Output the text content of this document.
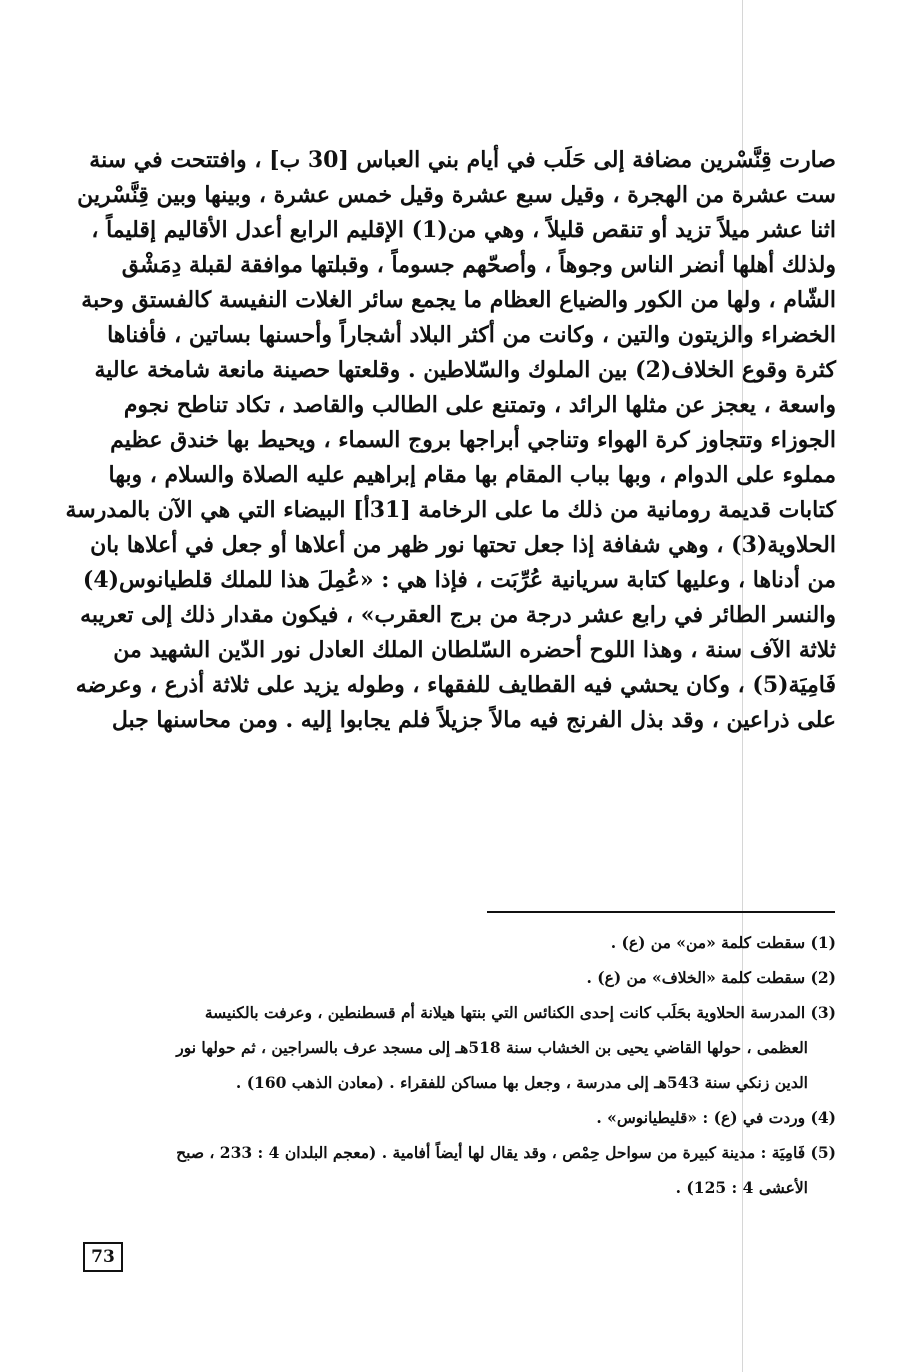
صارت قِنَّسْرين مضافة إلى حَلَب في أيام بني العباس [30 ب] ، وافتتحت في سنة
ست عشرة من الهجرة ، وقيل سبع عشرة وقيل خمس عشرة ، وبينها وبين قِنَّسْرين
اثنا عشر ميلاً تزيد أو تنقص قليلاً ، وهي من(1) الإقليم الرابع أعدل الأقاليم إقليماً ،
ولذلك أهلها أنضر الناس وجوهاً ، وأصحّهم جسوماً ، وقبلتها موافقة لقبلة دِمَشْق
الشّام ، ولها من الكور والضياع العظام ما يجمع سائر الغلات النفيسة كالفستق وحبة
الخضراء والزيتون والتين ، وكانت من أكثر البلاد أشجاراً وأحسنها بساتين ، فأفناها
كثرة وقوع الخلاف(2) بين الملوك والسّلاطين . وقلعتها حصينة مانعة شامخة عالية
واسعة ، يعجز عن مثلها الرائد ، وتمتنع على الطالب والقاصد ، تكاد تناطح نجوم
الجوزاء وتتجاوز كرة الهواء وتناجي أبراجها بروج السماء ، ويحيط بها خندق عظيم
مملوء على الدوام ، وبها بباب المقام بها مقام إبراهيم عليه الصلاة والسلام ، وبها
كتابات قديمة رومانية من ذلك ما على الرخامة [31أ] البيضاء التي هي الآن بالمدرسة
الحلاوية(3) ، وهي شفافة إذا جعل تحتها نور ظهر من أعلاها أو جعل في أعلاها بان
من أدناها ، وعليها كتابة سريانية عُرِّبَت ، فإذا هي : «عُمِلَ هذا للملك قلطيانوس(4)
والنسر الطائر في رابع عشر درجة من برج العقرب» ، فيكون مقدار ذلك إلى تعريبه
ثلاثة الآف سنة ، وهذا اللوح أحضره السّلطان الملك العادل نور الدّين الشهيد من
فَامِيَة(5) ، وكان يحشي فيه القطايف للفقهاء ، وطوله يزيد على ثلاثة أذرع ، وعرضه
على ذراعين ، وقد بذل الفرنج فيه مالاً جزيلاً فلم يجابوا إليه . ومن محاسنها جبل
(1) سقطت كلمة «من» من (ع) .
(2) سقطت كلمة «الخلاف» من (ع) .
(3) المدرسة الحلاوية بحَلَب كانت إحدى الكنائس التي بنتها هيلانة أم قسطنطين ، وعرفت بالكنيسة
العظمى ، حولها القاضي يحيى بن الخشاب سنة 518هـ إلى مسجد عرف بالسراجين ، ثم حولها نور
الدين زنكي سنة 543هـ إلى مدرسة ، وجعل بها مساكن للفقراء . (معادن الذهب 160) .
(4) وردت في (ع) : «قليطيانوس» .
(5) فَامِيَة : مدينة كبيرة من سواحل حِمْص ، وقد يقال لها أيضاً أفامية . (معجم البلدان 4 : 233 ، صبح
الأعشى 4 : 125) .
73
